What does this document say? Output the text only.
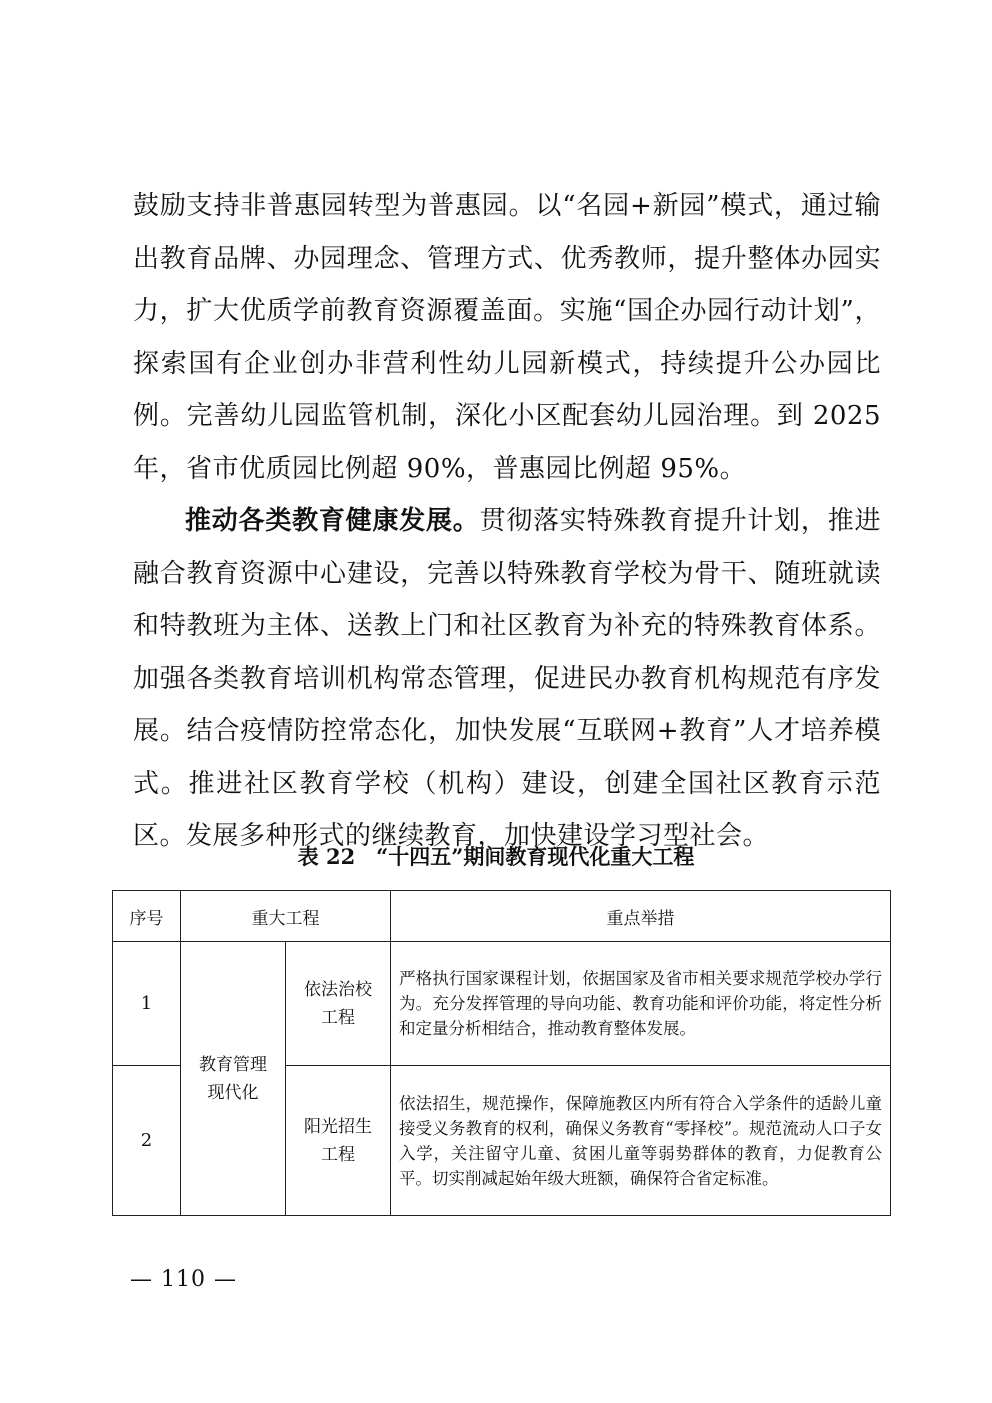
鼓励支持非普惠园转型为普惠园。以“名园+新园”模式，通过输出教育品牌、办园理念、管理方式、优秀教师，提升整体办园实力，扩大优质学前教育资源覆盖面。实施“国企办园行动计划”，探索国有企业创办非营利性幼儿园新模式，持续提升公办园比例。完善幼儿园监管机制，深化小区配套幼儿园治理。到 2025 年，省市优质园比例超 90%，普惠园比例超 95%。

推动各类教育健康发展。贯彻落实特殊教育提升计划，推进融合教育资源中心建设，完善以特殊教育学校为骨干、随班就读和特教班为主体、送教上门和社区教育为补充的特殊教育体系。加强各类教育培训机构常态管理，促进民办教育机构规范有序发展。结合疫情防控常态化，加快发展“互联网+教育”人才培养模式。推进社区教育学校（机构）建设，创建全国社区教育示范区。发展多种形式的继续教育，加快建设学习型社会。

表 22　“十四五”期间教育现代化重大工程
序号	重大工程		重点举措
1	教育管理现代化	依法治校工程	严格执行国家课程计划，依据国家及省市相关要求规范学校办学行为。充分发挥管理的导向功能、教育功能和评价功能，将定性分析和定量分析相结合，推动教育整体发展。
2		阳光招生工程	依法招生，规范操作，保障施教区内所有符合入学条件的适龄儿童接受义务教育的权利，确保义务教育“零择校”。规范流动人口子女入学，关注留守儿童、贫困儿童等弱势群体的教育，力促教育公平。切实削减起始年级大班额，确保符合省定标准。
— 110 —
